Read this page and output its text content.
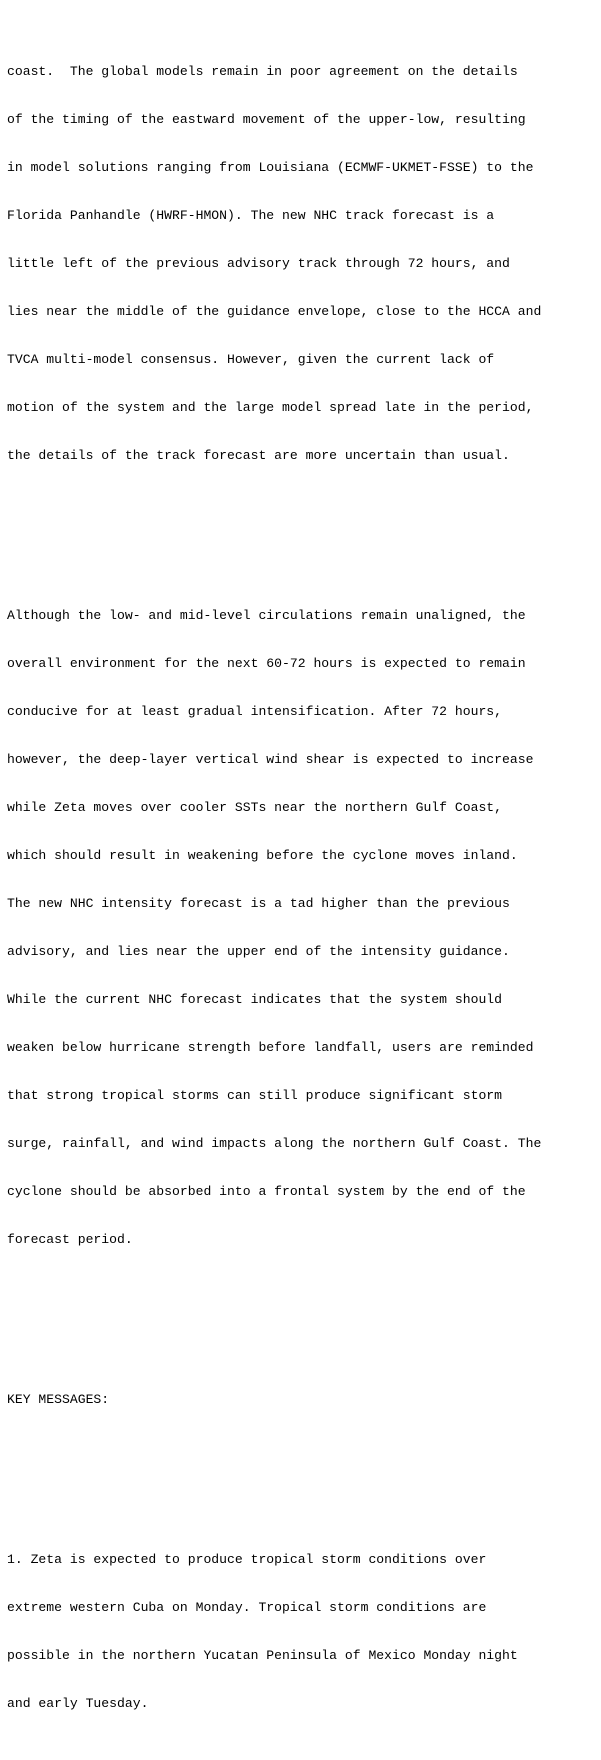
coast.  The global models remain in poor agreement on the details

of the timing of the eastward movement of the upper-low, resulting

in model solutions ranging from Louisiana (ECMWF-UKMET-FSSE) to the

Florida Panhandle (HWRF-HMON). The new NHC track forecast is a

little left of the previous advisory track through 72 hours, and

lies near the middle of the guidance envelope, close to the HCCA and

TVCA multi-model consensus. However, given the current lack of

motion of the system and the large model spread late in the period,

the details of the track forecast are more uncertain than usual.

Although the low- and mid-level circulations remain unaligned, the

overall environment for the next 60-72 hours is expected to remain

conducive for at least gradual intensification. After 72 hours,

however, the deep-layer vertical wind shear is expected to increase

while Zeta moves over cooler SSTs near the northern Gulf Coast,

which should result in weakening before the cyclone moves inland.

The new NHC intensity forecast is a tad higher than the previous

advisory, and lies near the upper end of the intensity guidance.

While the current NHC forecast indicates that the system should

weaken below hurricane strength before landfall, users are reminded

that strong tropical storms can still produce significant storm

surge, rainfall, and wind impacts along the northern Gulf Coast. The

cyclone should be absorbed into a frontal system by the end of the

forecast period.

KEY MESSAGES:

1. Zeta is expected to produce tropical storm conditions over

extreme western Cuba on Monday. Tropical storm conditions are

possible in the northern Yucatan Peninsula of Mexico Monday night

and early Tuesday.
